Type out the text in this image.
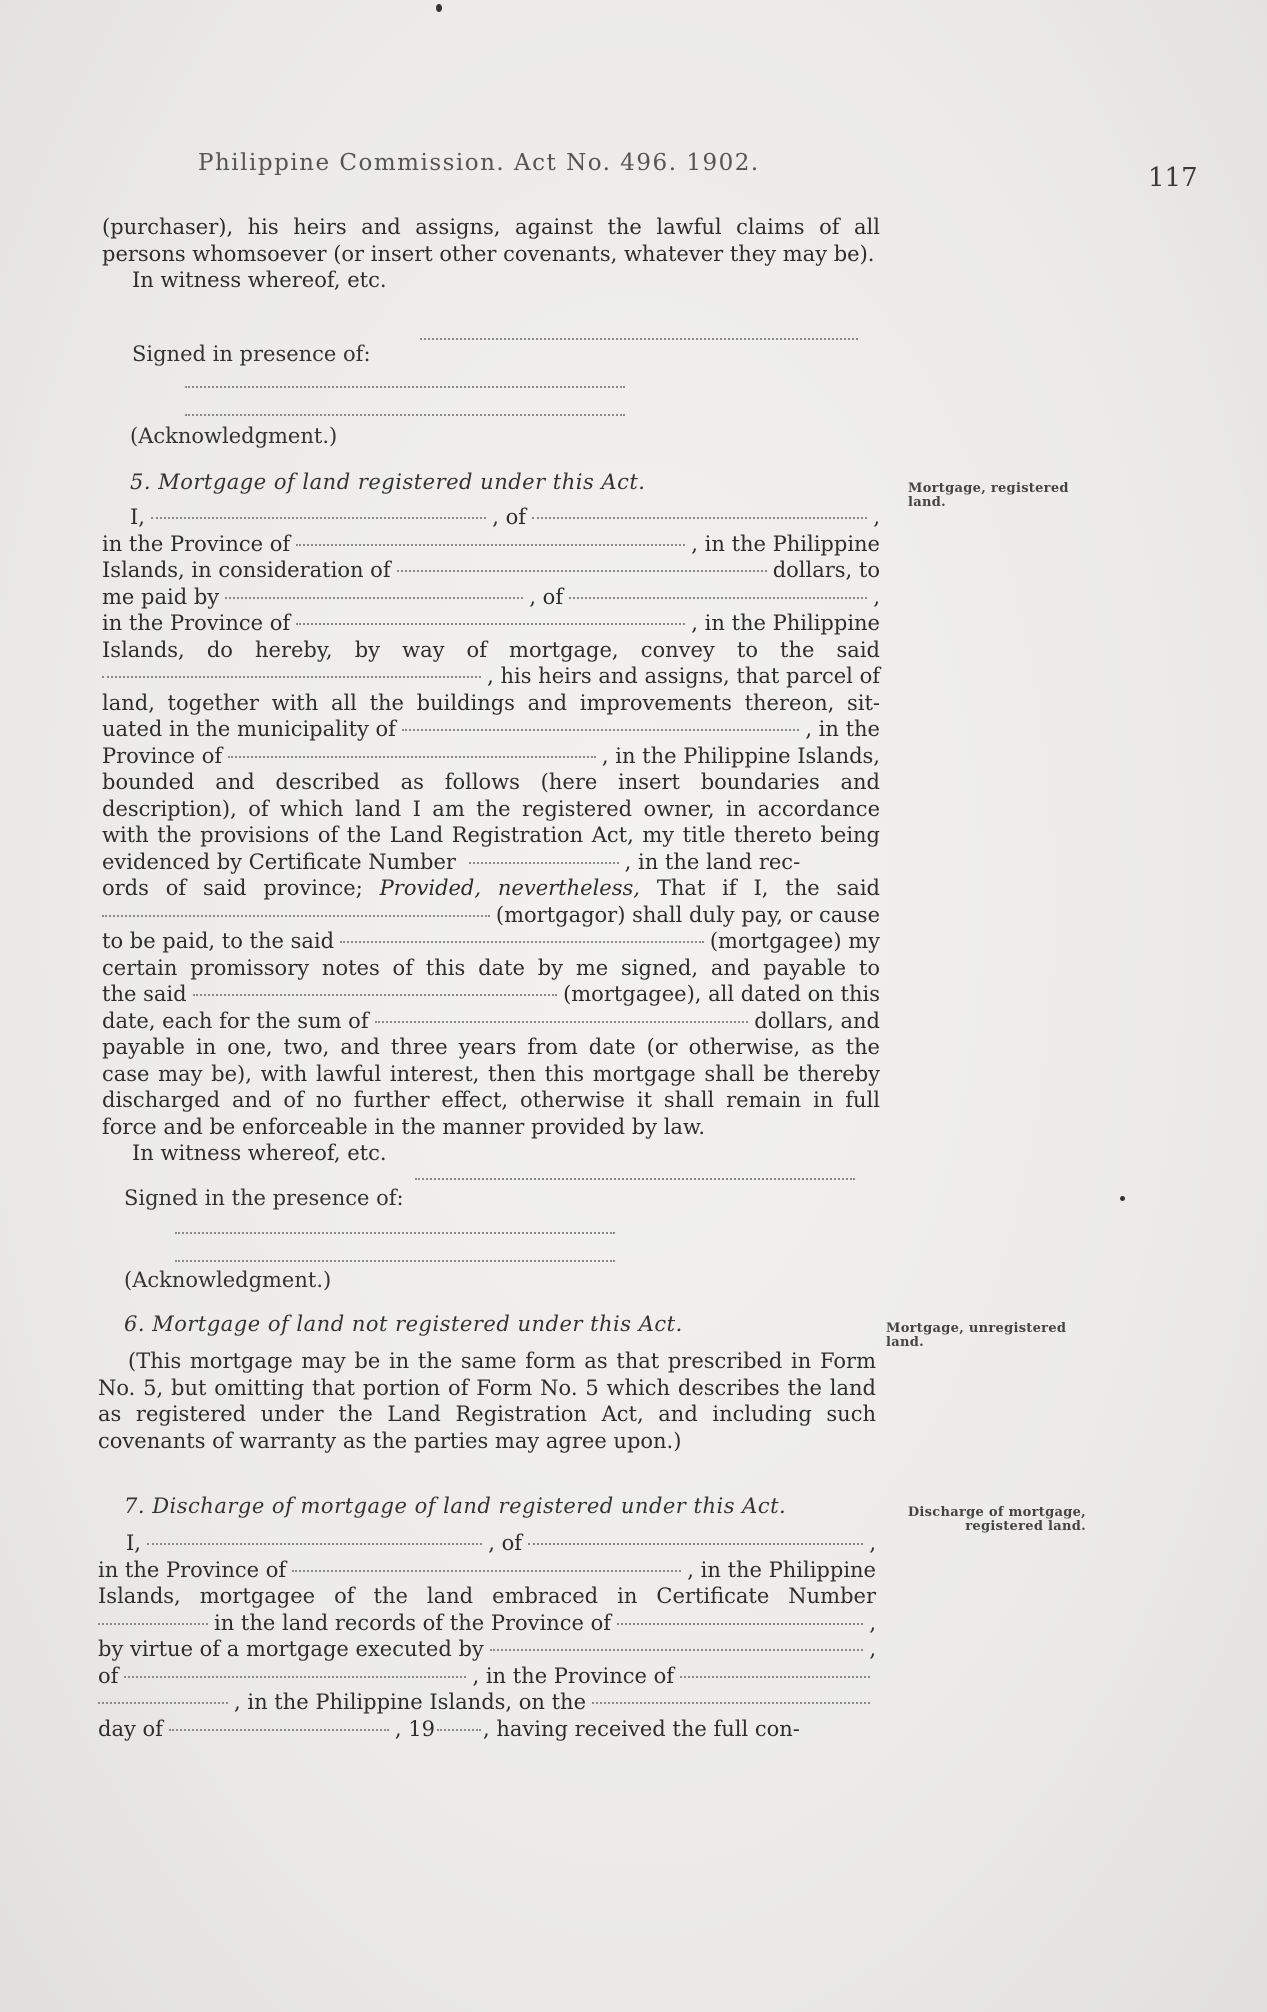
Philippine Commission. Act No. 496. 1902.	117

(purchaser), his heirs and assigns, against the lawful claims of all persons whomsoever (or insert other covenants, whatever they may be).

In witness whereof, etc.

Signed in presence of:
(Acknowledgment.)
5. Mortgage of land registered under this Act.	Mortgage, registered land.
I,	, of	,
in the Province of	, in the Philippine
Islands, in consideration of	dollars, to
me paid by	, of	,
in the Province of	, in the Philippine

Islands, do hereby, by way of mortgage, convey to the said

, his heirs and assigns, that parcel of

land, together with all the buildings and improvements thereon, sit-

uated in the municipality of	, in the
Province of	, in the Philippine Islands,

bounded and described as follows (here insert boundaries and description), of which land I am the registered owner, in accordance with the provisions of the Land Registration Act, my title thereto being evidenced by Certificate Number	, in the land rec-

ords of said province; Provided, nevertheless, That if I, the said

(mortgagor) shall duly pay, or cause
to be paid, to the said	(mortgagee) my

certain promissory notes of this date by me signed, and payable to

the said	(mortgagee), all dated on this
date, each for the sum of	dollars, and

payable in one, two, and three years from date (or otherwise, as the case may be), with lawful interest, then this mortgage shall be thereby discharged and of no further effect, otherwise it shall remain in full force and be enforceable in the manner provided by law.

In witness whereof, etc.

Signed in the presence of:
(Acknowledgment.)
6. Mortgage of land not registered under this Act.	Mortgage, unregistered land.

(This mortgage may be in the same form as that prescribed in Form No. 5, but omitting that portion of Form No. 5 which describes the land as registered under the Land Registration Act, and including such covenants of warranty as the parties may agree upon.)

7. Discharge of mortgage of land registered under this Act.	Discharge of mortgage, registered land.
I,	, of	,
in the Province of	, in the Philippine

Islands, mortgagee of the land embraced in Certificate Number

in the land records of the Province of	,
by virtue of a mortgage executed by	,
of	, in the Province of
, in the Philippine Islands, on the
day of	, 19 , having received the full con-
